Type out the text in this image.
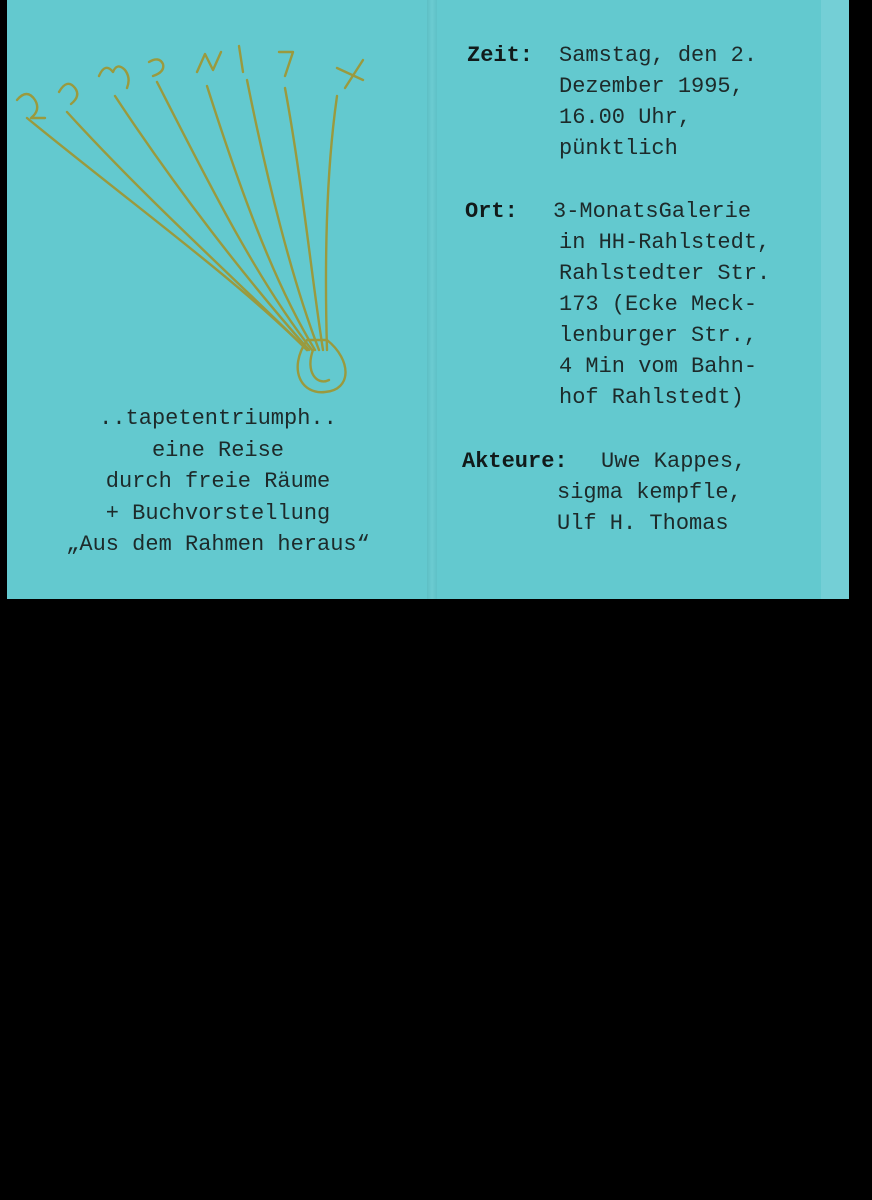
..tapetentriumph..
eine Reise
durch freie Räume
+ Buchvorstellung
„Aus dem Rahmen heraus“
Zeit: Samstag, den 2.
Dezember 1995,
16.00 Uhr,
pünktlich
Ort: 3-MonatsGalerie
in HH-Rahlstedt,
Rahlstedter Str.
173 (Ecke Meck-
lenburger Str.,
4 Min vom Bahn-
hof Rahlstedt)
Akteure: Uwe Kappes,
sigma kempfle,
Ulf H. Thomas
